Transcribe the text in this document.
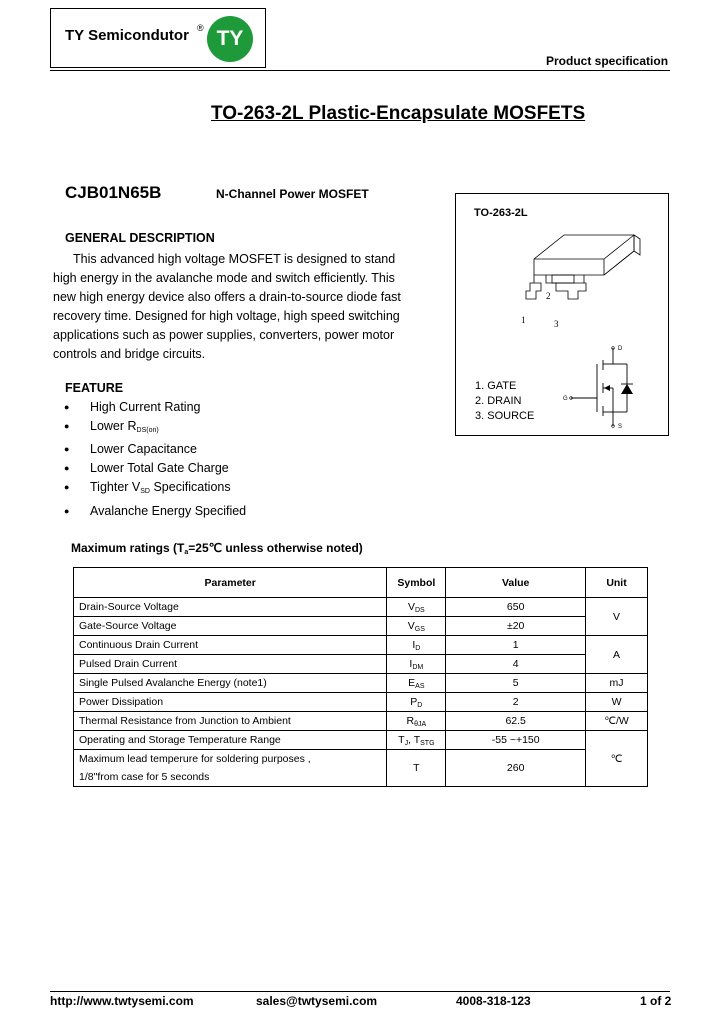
TY Semicondutor ® TY
Product specification
TO-263-2L Plastic-Encapsulate MOSFETS
CJB01N65B	N-Channel Power MOSFET
GENERAL DESCRIPTION
This advanced high voltage MOSFET is designed to stand high energy in the avalanche mode and switch efficiently. This new high energy device also offers a drain-to-source diode fast recovery time. Designed for high voltage, high speed switching applications such as power supplies, converters, power motor controls and bridge circuits.
FEATURE
● High Current Rating
● Lower $R_{DS(on)}$
● Lower Capacitance
● Lower Total Gate Charge
● Tighter $V_{SD}$ Specifications
● Avalanche Energy Specified
TO-263-2L
2
1	3
D
G
S
1. GATE
2. DRAIN
3. SOURCE
Maximum ratings ($T_a=25℃$ unless otherwise noted)
Parameter	Symbol	Value	Unit
Drain-Source Voltage	$V_{DS}$	650	V
Gate-Source Voltage	$V_{GS}$	±20	
Continuous Drain Current	$I_D$	1	A
Pulsed Drain Current	$I_{DM}$	4	
Single Pulsed Avalanche Energy (note1)	$E_{AS}$	5	mJ
Power Dissipation	$P_D$	2	W
Thermal Resistance from Junction to Ambient	$R_{\theta JA}$	62.5	℃/W
Operating and Storage Temperature Range	$T_J$, $T_{STG}$	-55 ~+150	℃

Maximum lead temperure for soldering purposes ,
1/8"from case for 5 seconds	T	260	
http://www.twtysemi.com	sales@twtysemi.com	4008-318-123	1 of 2
